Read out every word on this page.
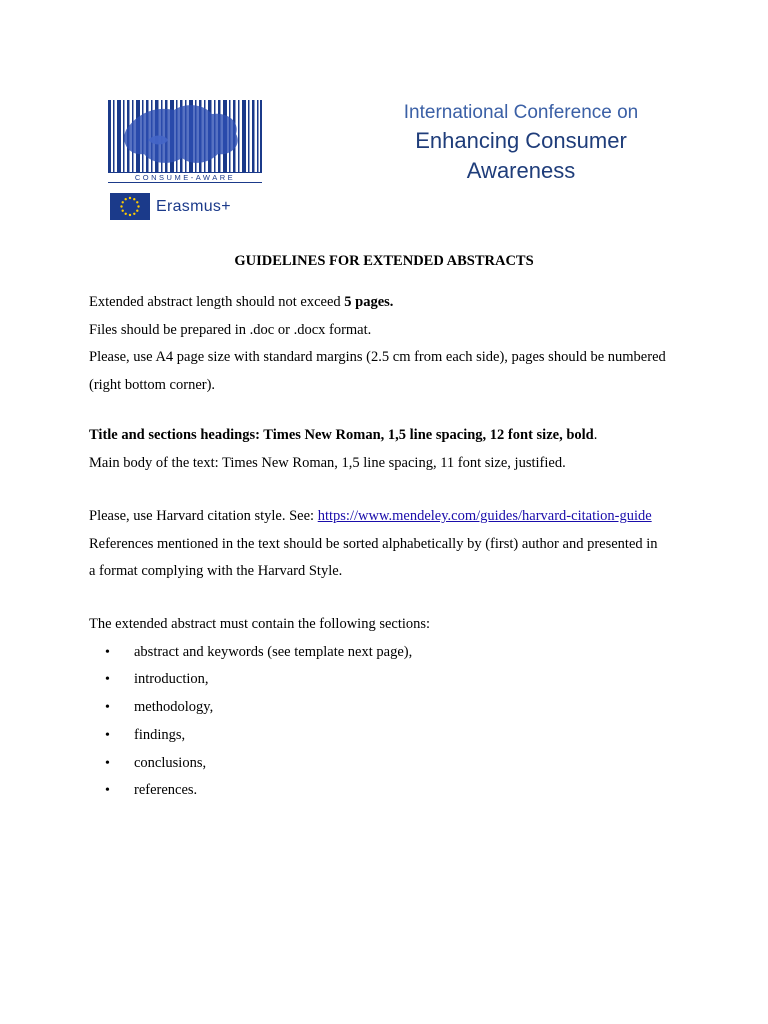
CONSUME-AWARE
Erasmus+
International Conference on
Enhancing Consumer
Awareness
GUIDELINES FOR EXTENDED ABSTRACTS
Extended abstract length should not exceed 5 pages.
Files should be prepared in .doc or .docx format.
Please, use A4 page size with standard margins (2.5 cm from each side), pages should be numbered
(right bottom corner).
Title and sections headings: Times New Roman, 1,5 line spacing, 12 font size, bold.
Main body of the text: Times New Roman, 1,5 line spacing, 11 font size, justified.
Please, use Harvard citation style. See: https://www.mendeley.com/guides/harvard-citation-guide
References mentioned in the text should be sorted alphabetically by (first) author and presented in
a format complying with the Harvard Style.
The extended abstract must contain the following sections:
• abstract and keywords (see template next page),
• introduction,
• methodology,
• findings,
• conclusions,
• references.
